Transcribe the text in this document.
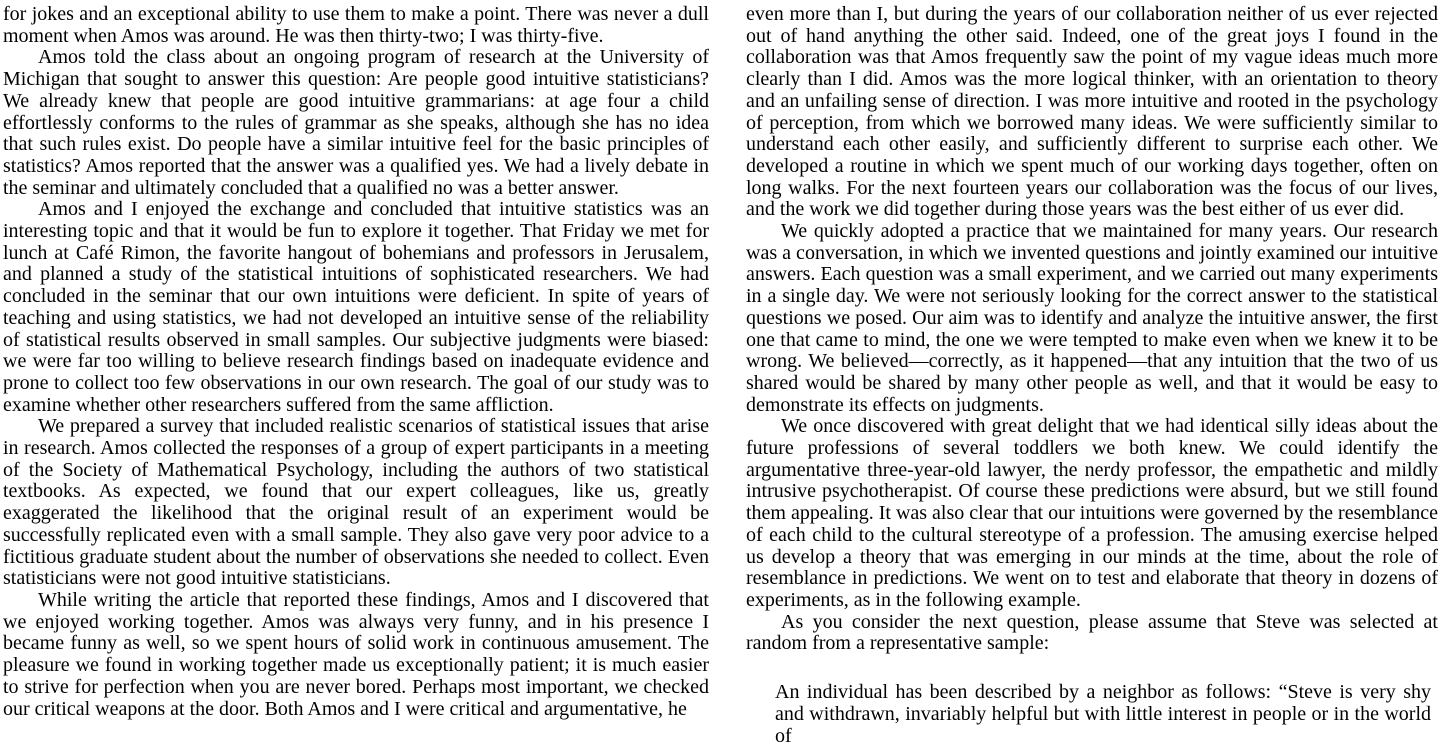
for jokes and an exceptional ability to use them to make a point. There was never a dull moment when Amos was around. He was then thirty-two; I was thirty-five.

Amos told the class about an ongoing program of research at the University of Michigan that sought to answer this question: Are people good intuitive statisticians? We already knew that people are good intuitive grammarians: at age four a child effortlessly conforms to the rules of grammar as she speaks, although she has no idea that such rules exist. Do people have a similar intuitive feel for the basic principles of statistics? Amos reported that the answer was a qualified yes. We had a lively debate in the seminar and ultimately concluded that a qualified no was a better answer.

Amos and I enjoyed the exchange and concluded that intuitive statistics was an interesting topic and that it would be fun to explore it together. That Friday we met for lunch at Café Rimon, the favorite hangout of bohemians and professors in Jerusalem, and planned a study of the statistical intuitions of sophisticated researchers. We had concluded in the seminar that our own intuitions were deficient. In spite of years of teaching and using statistics, we had not developed an intuitive sense of the reliability of statistical results observed in small samples. Our subjective judgments were biased: we were far too willing to believe research findings based on inadequate evidence and prone to collect too few observations in our own research. The goal of our study was to examine whether other researchers suffered from the same affliction.

We prepared a survey that included realistic scenarios of statistical issues that arise in research. Amos collected the responses of a group of expert participants in a meeting of the Society of Mathematical Psychology, including the authors of two statistical textbooks. As expected, we found that our expert colleagues, like us, greatly exaggerated the likelihood that the original result of an experiment would be successfully replicated even with a small sample. They also gave very poor advice to a fictitious graduate student about the number of observations she needed to collect. Even statisticians were not good intuitive statisticians.

While writing the article that reported these findings, Amos and I discovered that we enjoyed working together. Amos was always very funny, and in his presence I became funny as well, so we spent hours of solid work in continuous amusement. The pleasure we found in working together made us exceptionally patient; it is much easier to strive for perfection when you are never bored. Perhaps most important, we checked our critical weapons at the door. Both Amos and I were critical and argumentative, he

even more than I, but during the years of our collaboration neither of us ever rejected out of hand anything the other said. Indeed, one of the great joys I found in the collaboration was that Amos frequently saw the point of my vague ideas much more clearly than I did. Amos was the more logical thinker, with an orientation to theory and an unfailing sense of direction. I was more intuitive and rooted in the psychology of perception, from which we borrowed many ideas. We were sufficiently similar to understand each other easily, and sufficiently different to surprise each other. We developed a routine in which we spent much of our working days together, often on long walks. For the next fourteen years our collaboration was the focus of our lives, and the work we did together during those years was the best either of us ever did.

We quickly adopted a practice that we maintained for many years. Our research was a conversation, in which we invented questions and jointly examined our intuitive answers. Each question was a small experiment, and we carried out many experiments in a single day. We were not seriously looking for the correct answer to the statistical questions we posed. Our aim was to identify and analyze the intuitive answer, the first one that came to mind, the one we were tempted to make even when we knew it to be wrong. We believed—correctly, as it happened—that any intuition that the two of us shared would be shared by many other people as well, and that it would be easy to demonstrate its effects on judgments.

We once discovered with great delight that we had identical silly ideas about the future professions of several toddlers we both knew. We could identify the argumentative three-year-old lawyer, the nerdy professor, the empathetic and mildly intrusive psychotherapist. Of course these predictions were absurd, but we still found them appealing. It was also clear that our intuitions were governed by the resemblance of each child to the cultural stereotype of a profession. The amusing exercise helped us develop a theory that was emerging in our minds at the time, about the role of resemblance in predictions. We went on to test and elaborate that theory in dozens of experiments, as in the following example.

As you consider the next question, please assume that Steve was selected at random from a representative sample:

An individual has been described by a neighbor as follows: “Steve is very shy and withdrawn, invariably helpful but with little interest in people or in the world of
